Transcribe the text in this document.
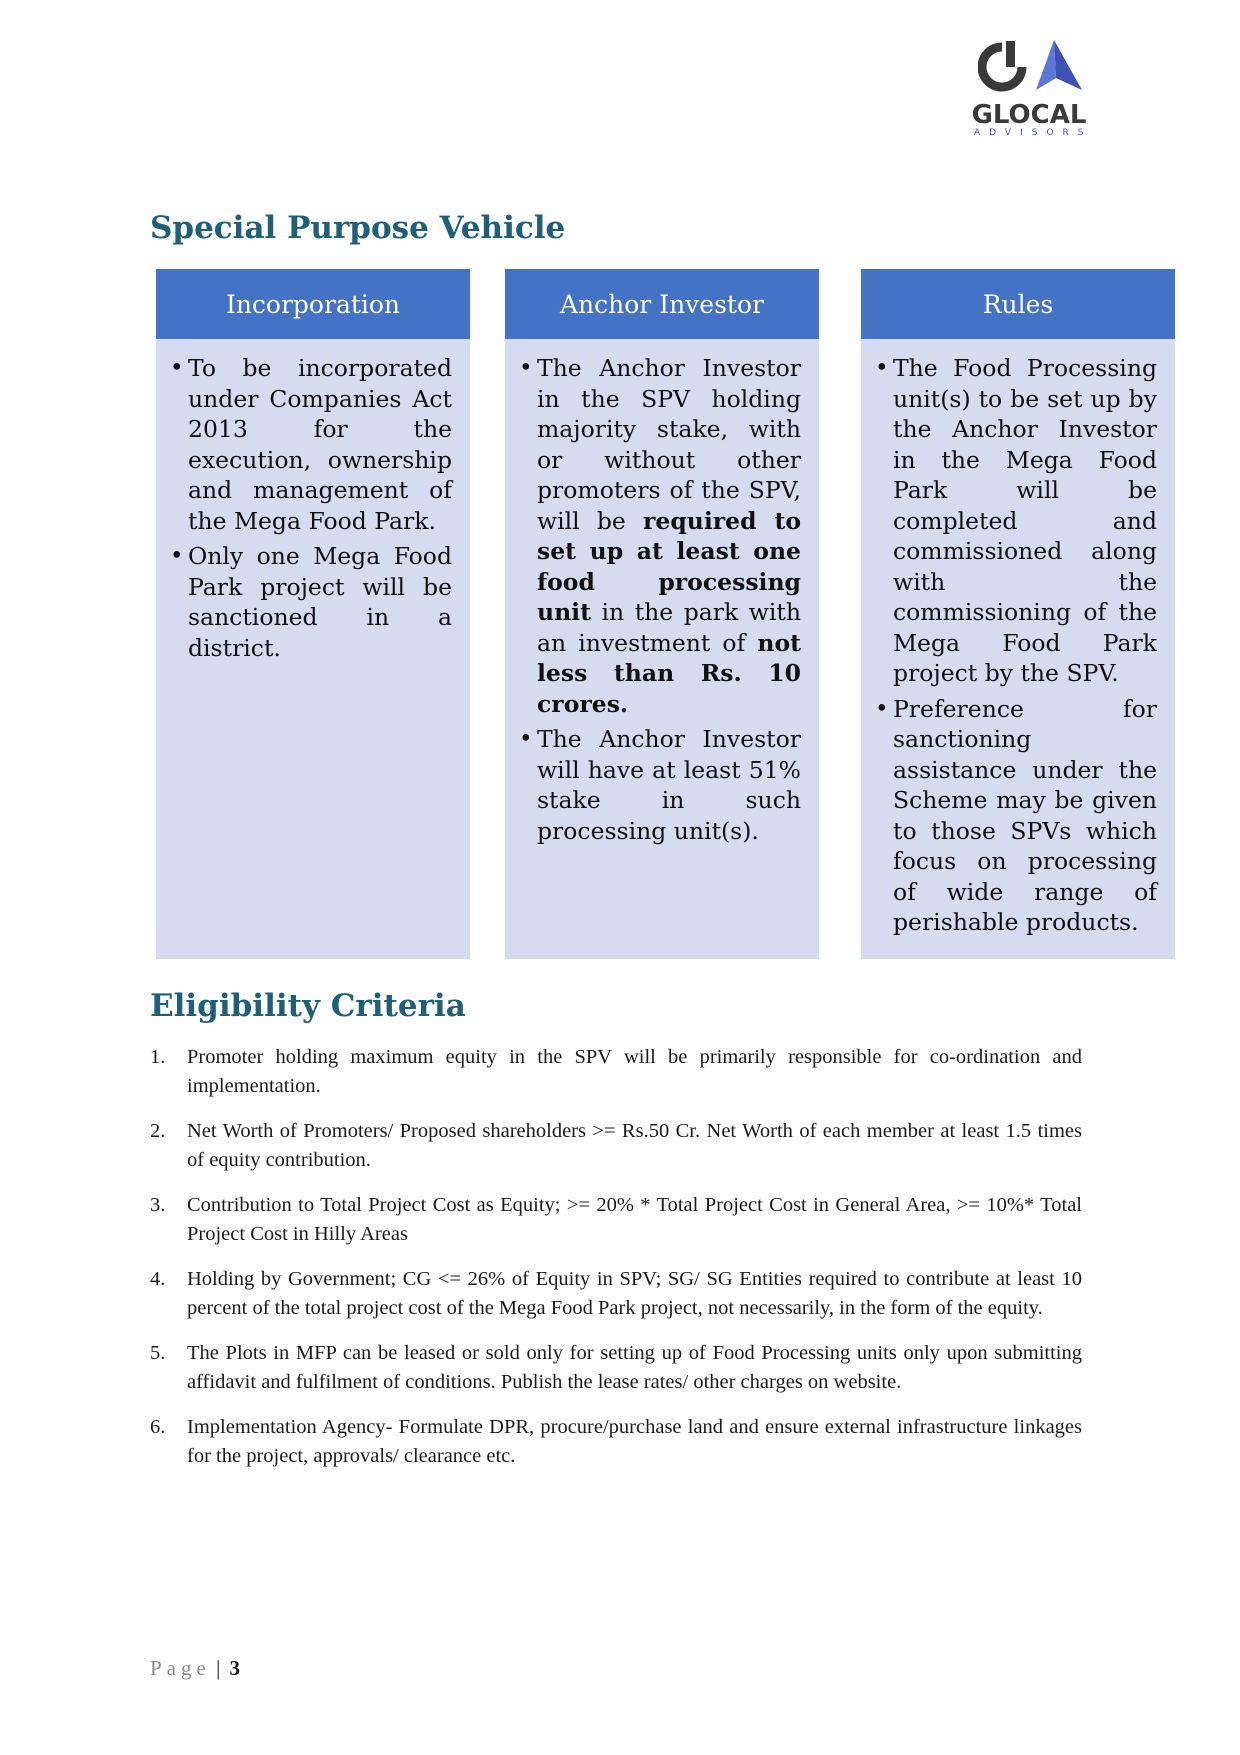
GLOCAL
ADVISORS
Special Purpose Vehicle
Incorporation
• To be incorporated under Companies Act 2013 for the execution, ownership and management of the Mega Food Park.
• Only one Mega Food Park project will be sanctioned in a district.
Anchor Investor
• The Anchor Investor in the SPV holding majority stake, with or without other promoters of the SPV, will be required to set up at least one food processing unit in the park with an investment of not less than Rs. 10 crores.
• The Anchor Investor will have at least 51% stake in such processing unit(s).
Rules
• The Food Processing unit(s) to be set up by the Anchor Investor in the Mega Food Park will be completed and commissioned along with the commissioning of the Mega Food Park project by the SPV.
• Preference for sanctioning assistance under the Scheme may be given to those SPVs which focus on processing of wide range of perishable products.
Eligibility Criteria
1. Promoter holding maximum equity in the SPV will be primarily responsible for co-ordination and implementation.
2. Net Worth of Promoters/ Proposed shareholders >= Rs.50 Cr. Net Worth of each member at least 1.5 times of equity contribution.
3. Contribution to Total Project Cost as Equity; >= 20% * Total Project Cost in General Area, >= 10%* Total Project Cost in Hilly Areas
4. Holding by Government; CG <= 26% of Equity in SPV; SG/ SG Entities required to contribute at least 10 percent of the total project cost of the Mega Food Park project, not necessarily, in the form of the equity.
5. The Plots in MFP can be leased or sold only for setting up of Food Processing units only upon submitting affidavit and fulfilment of conditions. Publish the lease rates/ other charges on website.
6. Implementation Agency- Formulate DPR, procure/purchase land and ensure external infrastructure linkages for the project, approvals/ clearance etc.
Page | 3
